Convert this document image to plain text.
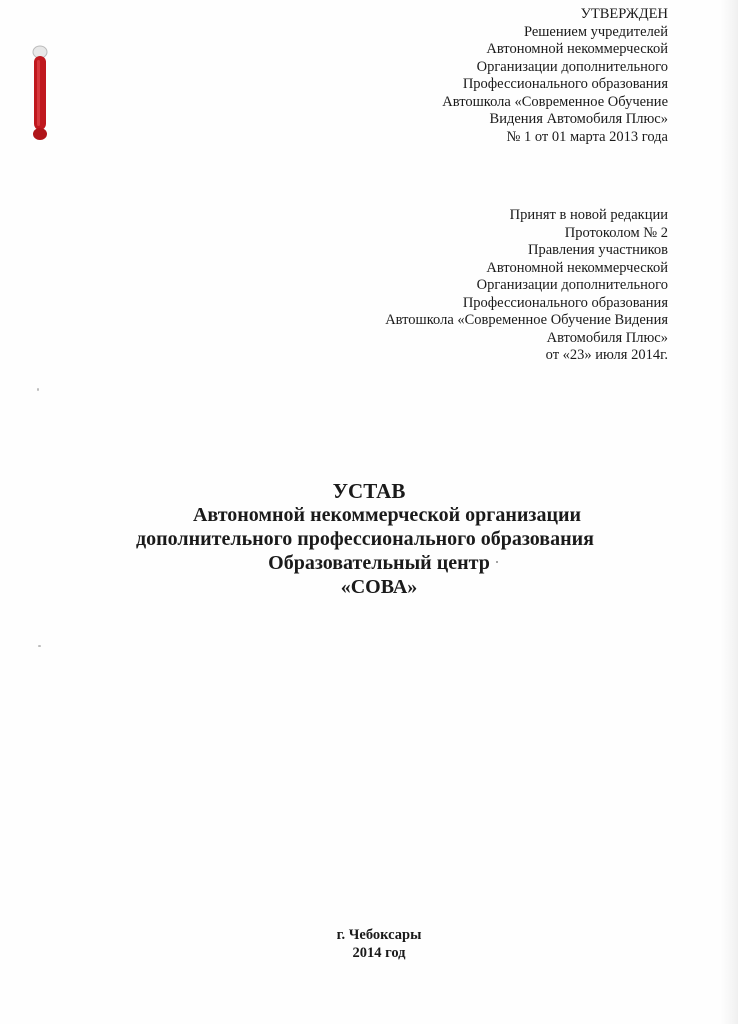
УТВЕРЖДЕН
Решением учредителей
Автономной некоммерческой
Организации дополнительного
Профессионального образования
Автошкола «Современное Обучение
Видения Автомобиля Плюс»
№ 1 от 01 марта 2013 года
Принят в новой редакции
Протоколом № 2
Правления участников
Автономной некоммерческой
Организации дополнительного
Профессионального образования
Автошкола «Современное Обучение Видения
Автомобиля Плюс»
от «23» июля 2014г.
УСТАВ
Автономной некоммерческой организации
дополнительного профессионального образования
Образовательный центр
«СОВА»
г. Чебоксары
2014 год
